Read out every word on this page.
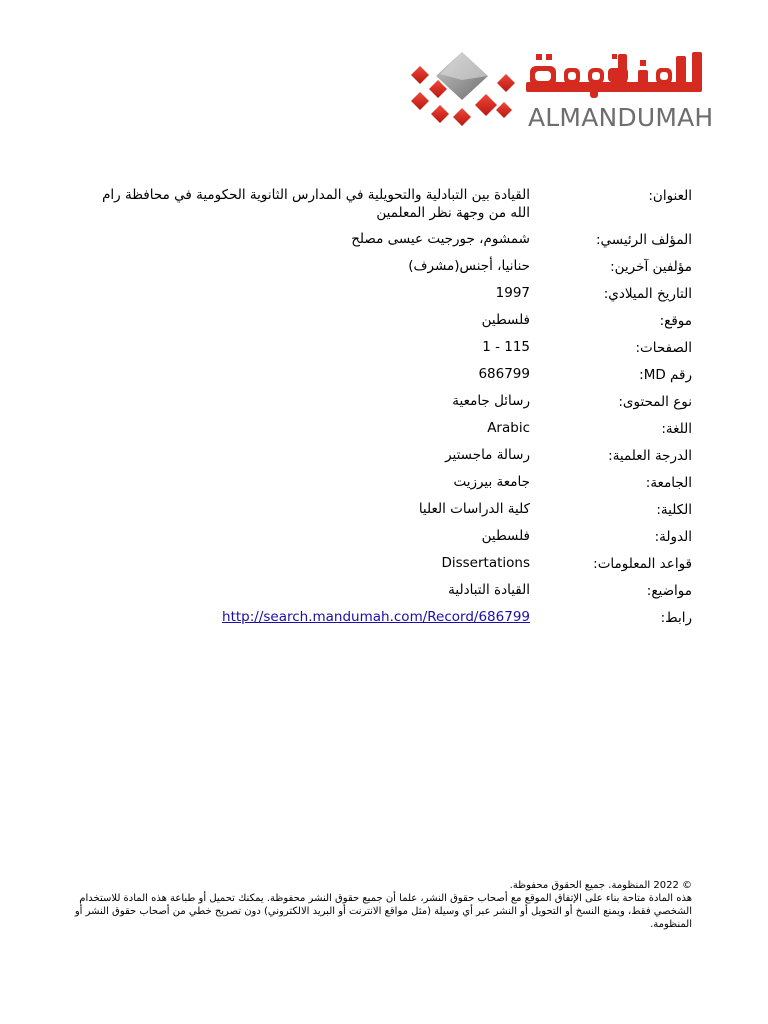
ALMANDUMAH
العنوان:
القيادة بين التبادلية والتحويلية في المدارس الثانوية الحكومية في محافظة رام الله من وجهة نظر المعلمين
المؤلف الرئيسي:
شمشوم، جورجيت عيسى مصلح
مؤلفين آخرين:
حنانيا، أجنس(مشرف)
التاريخ الميلادي:
1997
موقع:
فلسطين
الصفحات:
1 - 115
رقم MD:
686799
نوع المحتوى:
رسائل جامعية
اللغة:
Arabic
الدرجة العلمية:
رسالة ماجستير
الجامعة:
جامعة بيرزيت
الكلية:
كلية الدراسات العليا
الدولة:
فلسطين
قواعد المعلومات:
Dissertations
مواضيع:
القيادة التبادلية
رابط:
http://search.mandumah.com/Record/686799

© 2022 المنظومة. جميع الحقوق محفوظة.

هذه المادة متاحة بناء على الإتفاق الموقع مع أصحاب حقوق النشر، علما أن جميع حقوق النشر محفوظة. يمكنك تحميل أو طباعة هذه المادة للاستخدام الشخصي فقط، ويمنع النسخ أو التحويل أو النشر عبر أي وسيلة (مثل مواقع الانترنت أو البريد الالكتروني) دون تصريح خطي من أصحاب حقوق النشر أو المنظومة.
